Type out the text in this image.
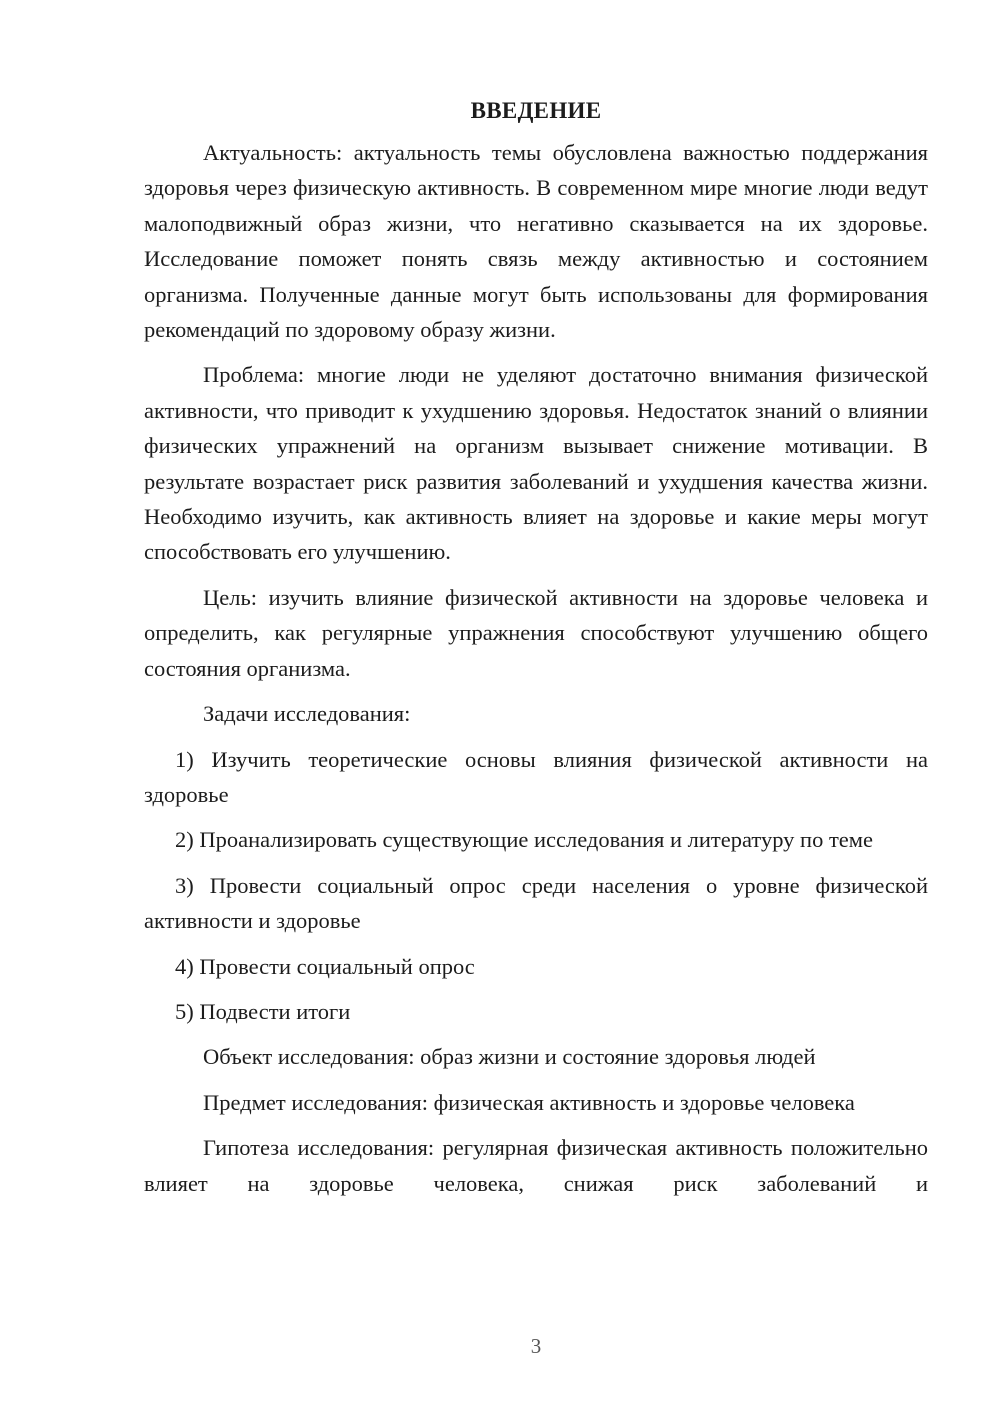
ВВЕДЕНИЕ

Актуальность: актуальность темы обусловлена важностью поддержания здоровья через физическую активность. В современном мире многие люди ведут малоподвижный образ жизни, что негативно сказывается на их здоровье. Исследование поможет понять связь между активностью и состоянием организма. Полученные данные могут быть использованы для формирования рекомендаций по здоровому образу жизни.

Проблема: многие люди не уделяют достаточно внимания физической активности, что приводит к ухудшению здоровья. Недостаток знаний о влиянии физических упражнений на организм вызывает снижение мотивации. В результате возрастает риск развития заболеваний и ухудшения качества жизни. Необходимо изучить, как активность влияет на здоровье и какие меры могут способствовать его улучшению.

Цель: изучить влияние физической активности на здоровье человека и определить, как регулярные упражнения способствуют улучшению общего состояния организма.

Задачи исследования:

1) Изучить теоретические основы влияния физической активности на здоровье

2) Проанализировать существующие исследования и литературу по теме

3) Провести социальный опрос среди населения о уровне физической активности и здоровье

4) Провести социальный опрос

5) Подвести итоги

Объект исследования: образ жизни и состояние здоровья людей

Предмет исследования: физическая активность и здоровье человека

Гипотеза исследования: регулярная физическая активность положительно влияет на здоровье человека, снижая риск заболеваний и

3
